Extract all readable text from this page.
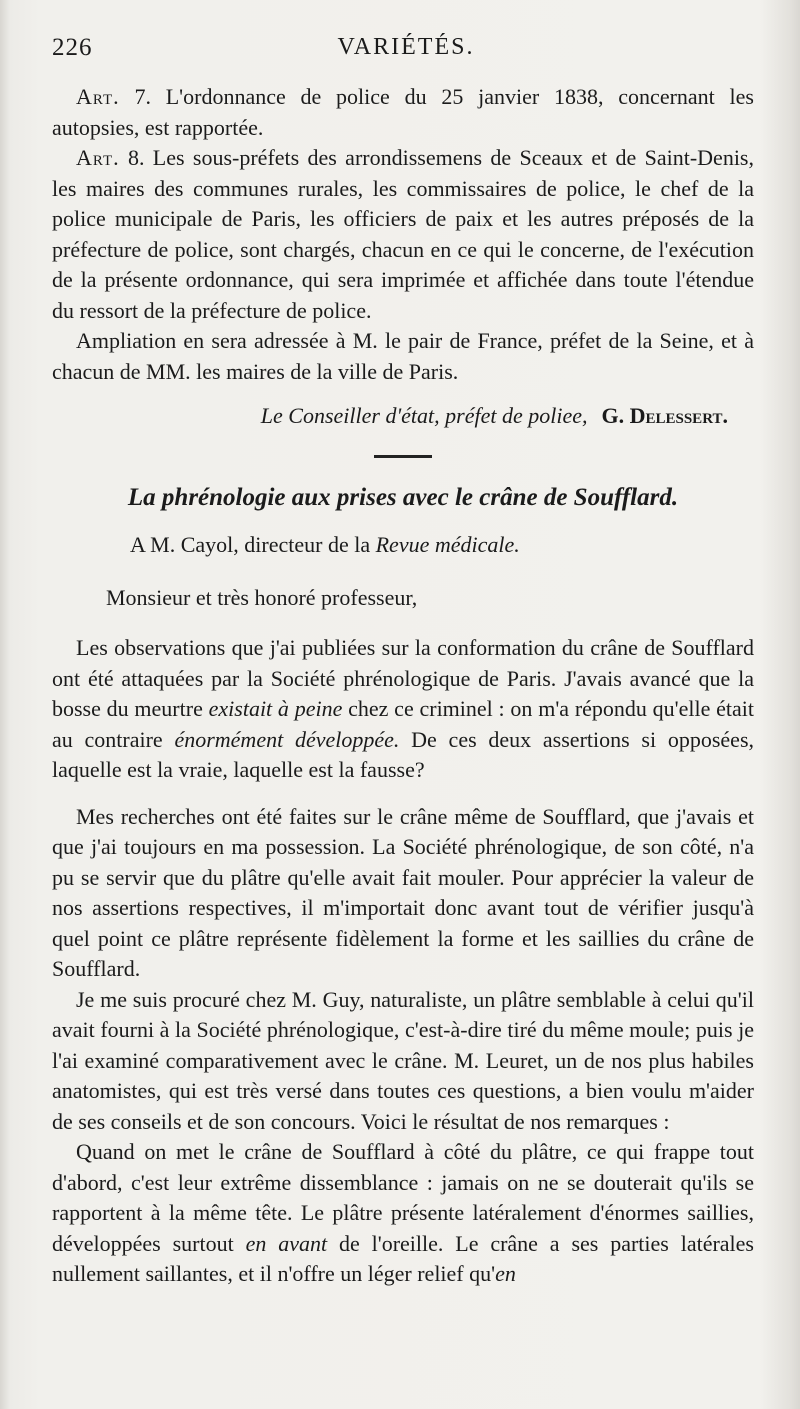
226	VARIÉTÉS.

Art. 7. L'ordonnance de police du 25 janvier 1838, concernant les autopsies, est rapportée.

Art. 8. Les sous-préfets des arrondissemens de Sceaux et de Saint-Denis, les maires des communes rurales, les commissaires de police, le chef de la police municipale de Paris, les officiers de paix et les autres préposés de la préfecture de police, sont chargés, chacun en ce qui le concerne, de l'exécution de la présente ordonnance, qui sera imprimée et affichée dans toute l'étendue du ressort de la préfecture de police.

Ampliation en sera adressée à M. le pair de France, préfet de la Seine, et à chacun de MM. les maires de la ville de Paris.

Le Conseiller d'état, préfet de poliee, G. Delessert.
La phrénologie aux prises avec le crâne de Soufflard.

A M. Cayol, directeur de la Revue médicale.

Monsieur et très honoré professeur,

Les observations que j'ai publiées sur la conformation du crâne de Soufflard ont été attaquées par la Société phrénologique de Paris. J'avais avancé que la bosse du meurtre existait à peine chez ce criminel : on m'a répondu qu'elle était au contraire énormément développée. De ces deux assertions si opposées, laquelle est la vraie, laquelle est la fausse?

Mes recherches ont été faites sur le crâne même de Soufflard, que j'avais et que j'ai toujours en ma possession. La Société phrénologique, de son côté, n'a pu se servir que du plâtre qu'elle avait fait mouler. Pour apprécier la valeur de nos assertions respectives, il m'importait donc avant tout de vérifier jusqu'à quel point ce plâtre représente fidèlement la forme et les saillies du crâne de Soufflard.

Je me suis procuré chez M. Guy, naturaliste, un plâtre semblable à celui qu'il avait fourni à la Société phrénologique, c'est-à-dire tiré du même moule; puis je l'ai examiné comparativement avec le crâne. M. Leuret, un de nos plus habiles anatomistes, qui est très versé dans toutes ces questions, a bien voulu m'aider de ses conseils et de son concours. Voici le résultat de nos remarques :

Quand on met le crâne de Soufflard à côté du plâtre, ce qui frappe tout d'abord, c'est leur extrême dissemblance : jamais on ne se douterait qu'ils se rapportent à la même tête. Le plâtre présente latéralement d'énormes saillies, développées surtout en avant de l'oreille. Le crâne a ses parties latérales nullement saillantes, et il n'offre un léger relief qu'en
